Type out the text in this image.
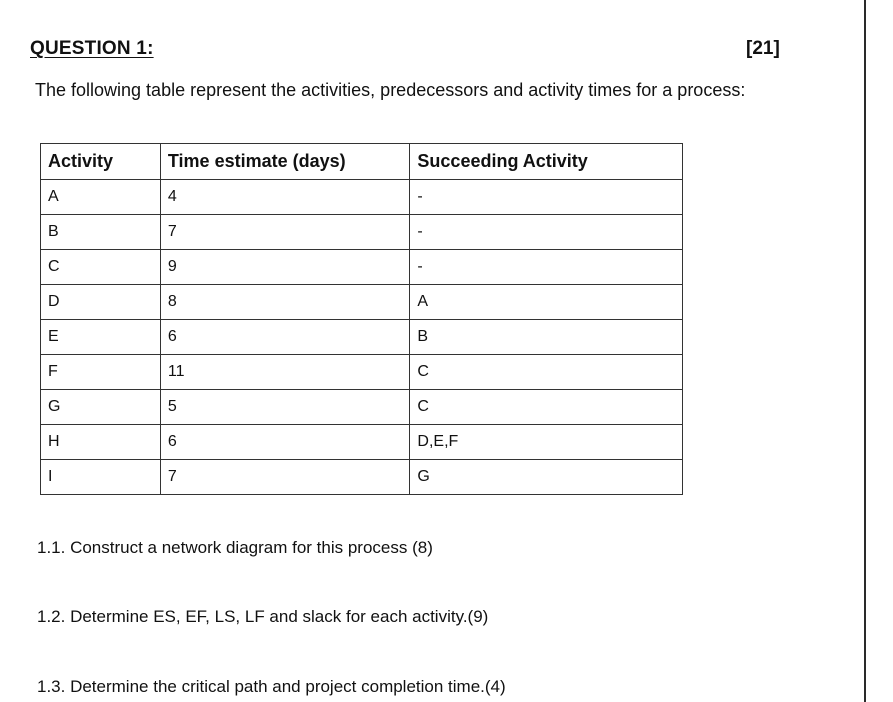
QUESTION 1:	[21]
The following table represent the activities, predecessors and activity times for a process:
Activity	Time estimate (days)	Succeeding Activity
A	4	-
B	7	-
C	9	-
D	8	A
E	6	B
F	11	C
G	5	C
H	6	D,E,F
I	7	G
1.1. Construct a network diagram for this process (8)
1.2. Determine ES, EF, LS, LF and slack for each activity.(9)
1.3. Determine the critical path and project completion time.(4)
